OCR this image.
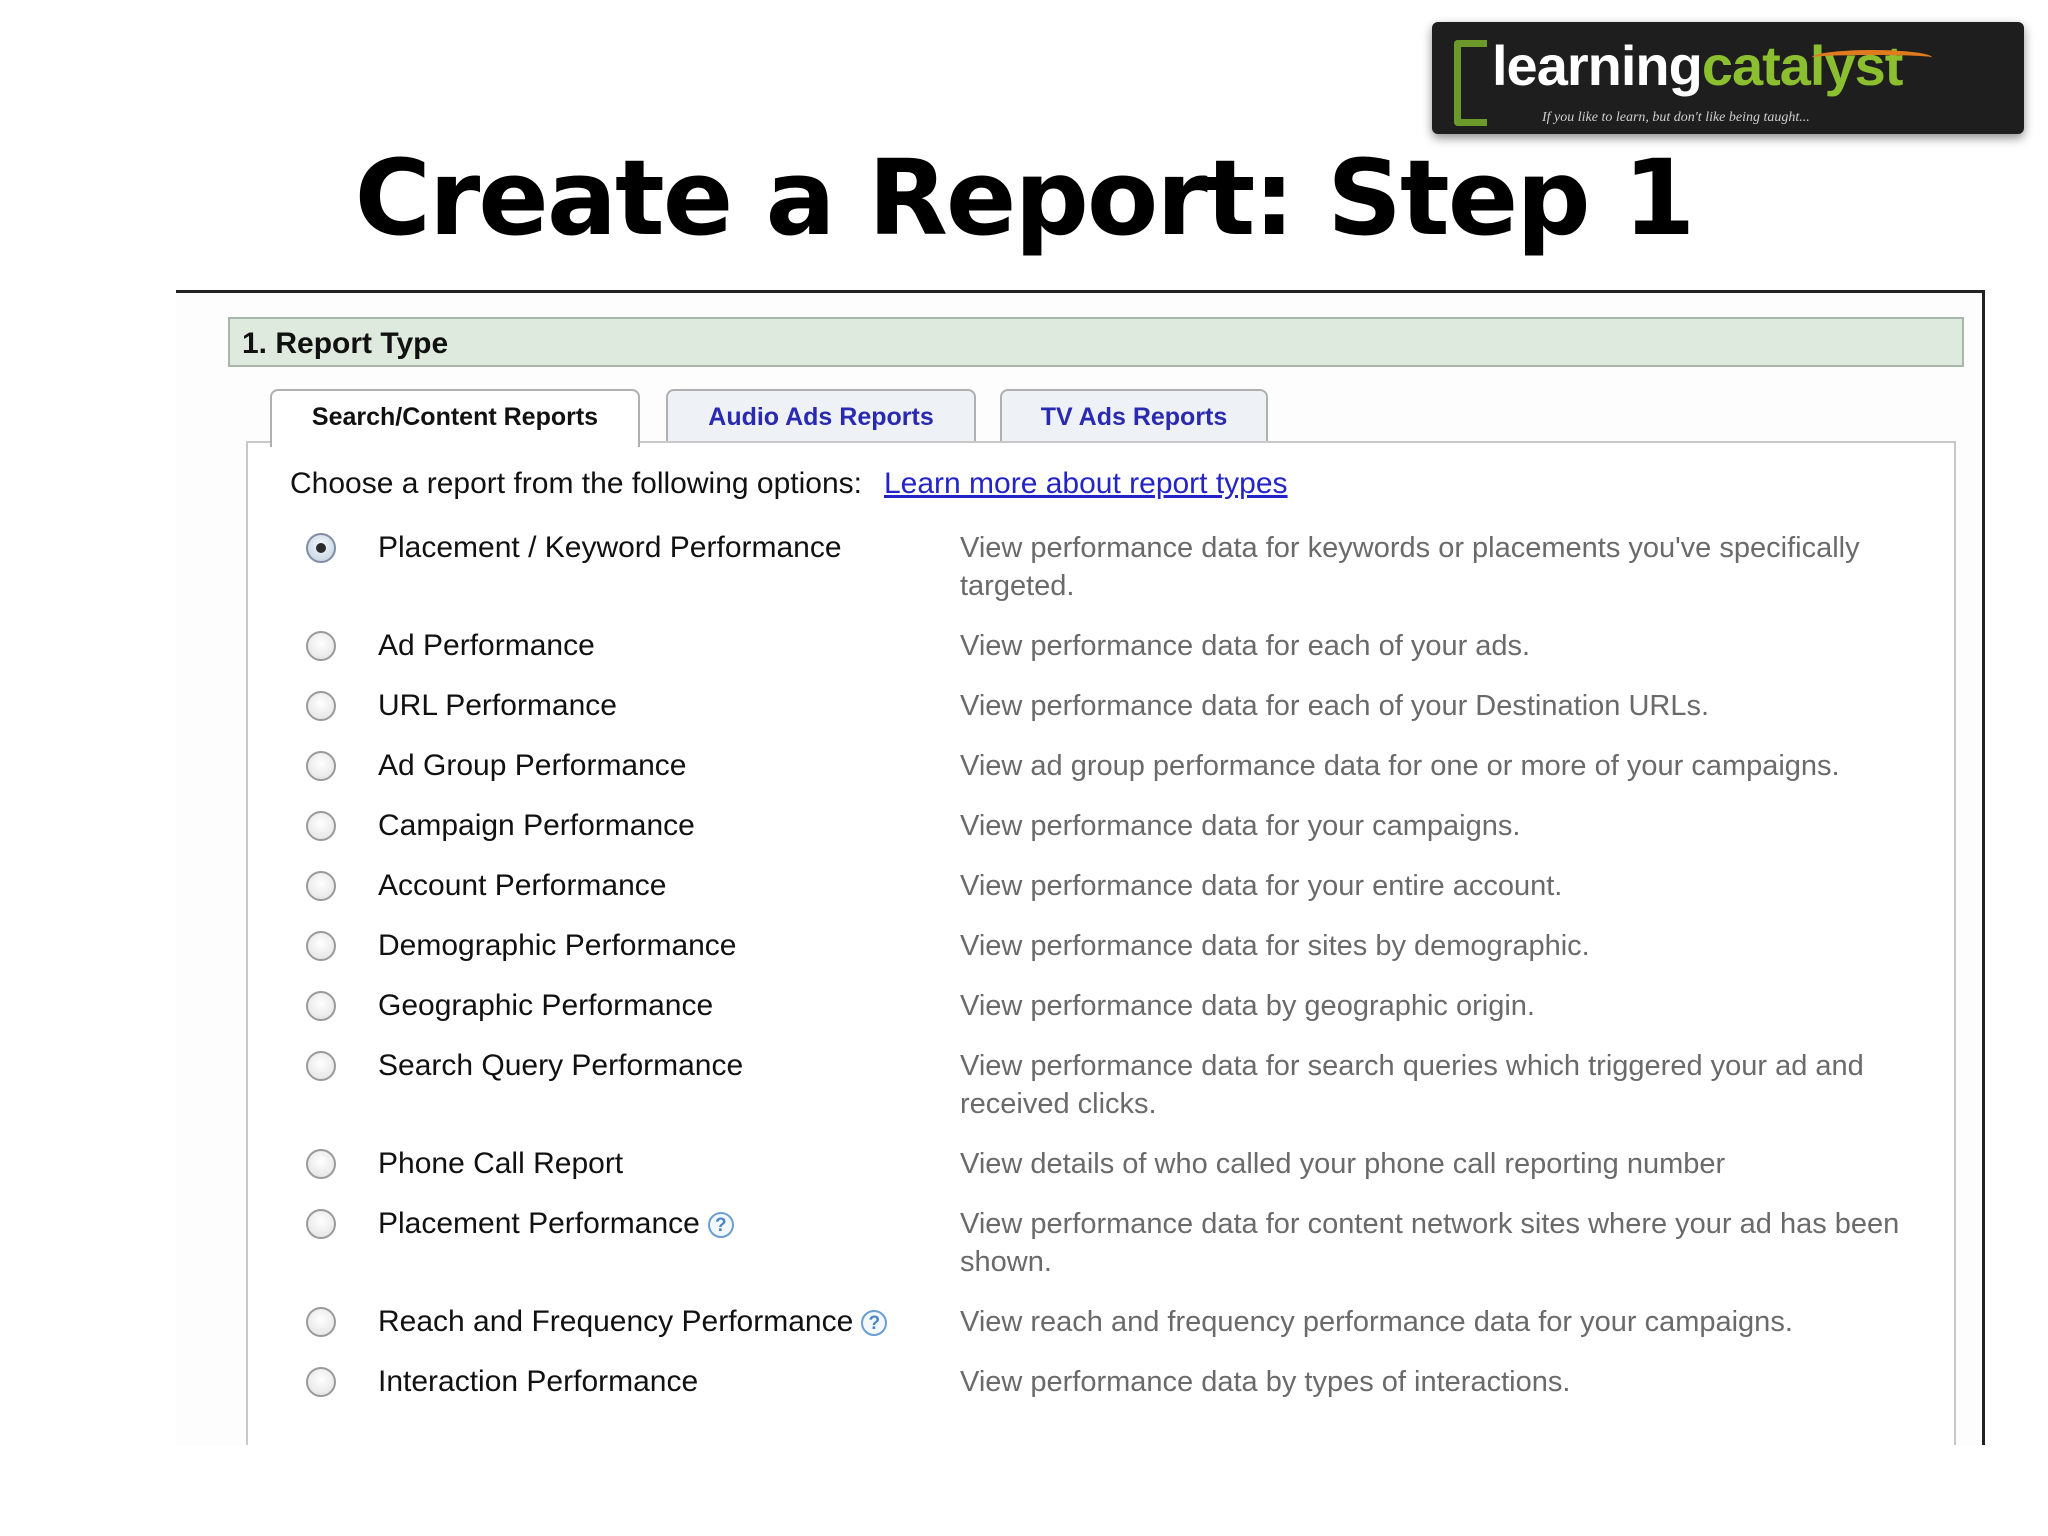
learningcatalyst
If you like to learn, but don't like being taught...
Create a Report: Step 1
1. Report Type
Search/Content Reports	Audio Ads Reports	TV Ads Reports
Choose a report from the following options: Learn more about report types
Placement / Keyword Performance	View performance data for keywords or placements you've specifically targeted.
Ad Performance	View performance data for each of your ads.
URL Performance	View performance data for each of your Destination URLs.
Ad Group Performance	View ad group performance data for one or more of your campaigns.
Campaign Performance	View performance data for your campaigns.
Account Performance	View performance data for your entire account.
Demographic Performance	View performance data for sites by demographic.
Geographic Performance	View performance data by geographic origin.
Search Query Performance	View performance data for search queries which triggered your ad and received clicks.
Phone Call Report	View details of who called your phone call reporting number
Placement Performance ?	View performance data for content network sites where your ad has been shown.
Reach and Frequency Performance ?	View reach and frequency performance data for your campaigns.
Interaction Performance	View performance data by types of interactions.
